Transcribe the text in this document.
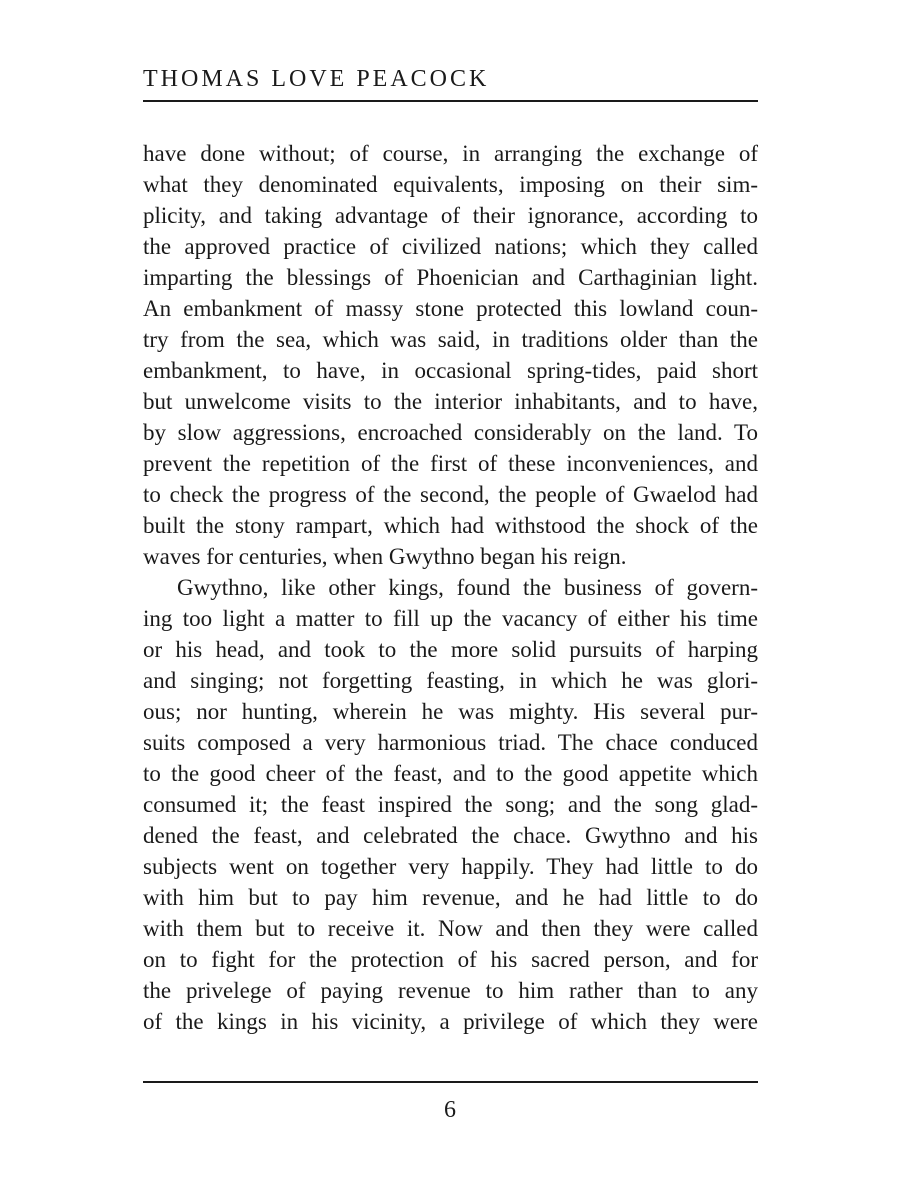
THOMAS LOVE PEACOCK
have done without; of course, in arranging the exchange of
what they denominated equivalents, imposing on their sim-
plicity, and taking advantage of their ignorance, according to
the approved practice of civilized nations; which they called
imparting the blessings of Phoenician and Carthaginian light.
An embankment of massy stone protected this lowland coun-
try from the sea, which was said, in traditions older than the
embankment, to have, in occasional spring-tides, paid short
but unwelcome visits to the interior inhabitants, and to have,
by slow aggressions, encroached considerably on the land. To
prevent the repetition of the first of these inconveniences, and
to check the progress of the second, the people of Gwaelod had
built the stony rampart, which had withstood the shock of the
waves for centuries, when Gwythno began his reign.
Gwythno, like other kings, found the business of govern-
ing too light a matter to fill up the vacancy of either his time
or his head, and took to the more solid pursuits of harping
and singing; not forgetting feasting, in which he was glori-
ous; nor hunting, wherein he was mighty. His several pur-
suits composed a very harmonious triad. The chace conduced
to the good cheer of the feast, and to the good appetite which
consumed it; the feast inspired the song; and the song glad-
dened the feast, and celebrated the chace. Gwythno and his
subjects went on together very happily. They had little to do
with him but to pay him revenue, and he had little to do
with them but to receive it. Now and then they were called
on to fight for the protection of his sacred person, and for
the privelege of paying revenue to him rather than to any
of the kings in his vicinity, a privilege of which they were
6
